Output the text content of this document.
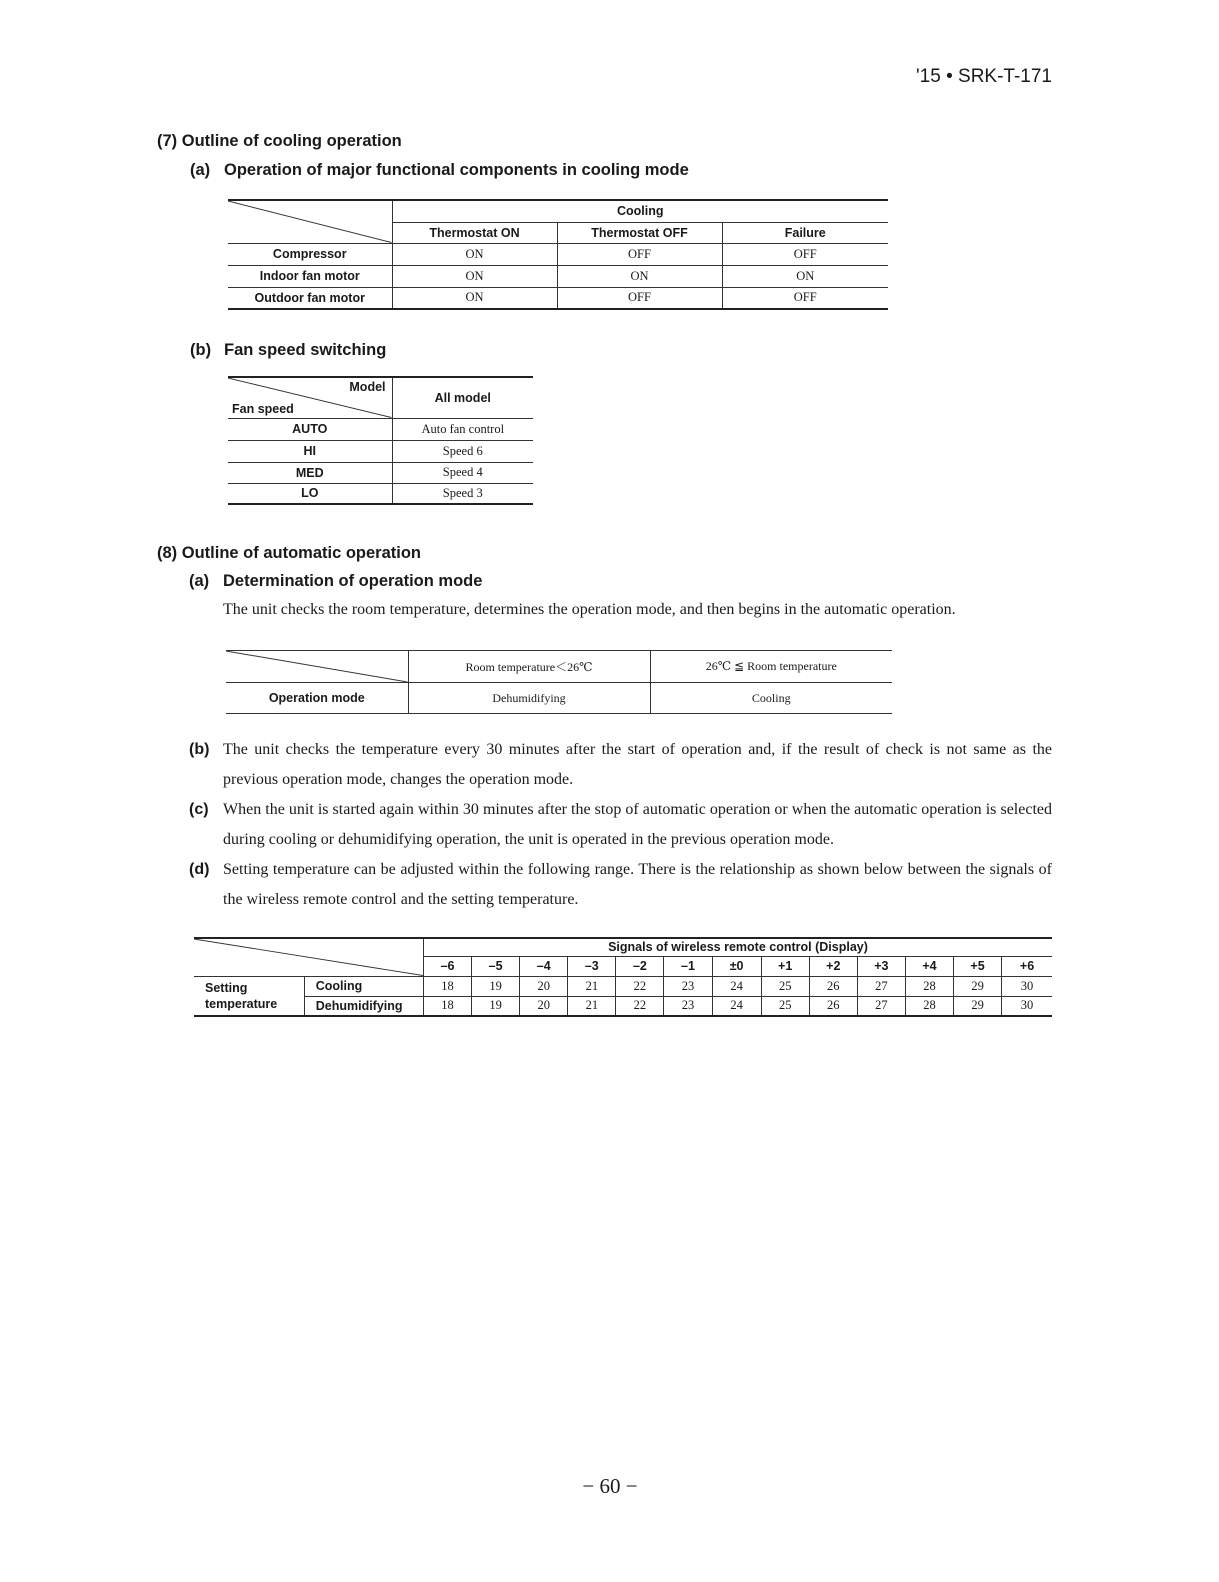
'15 • SRK-T-171
(7) Outline of cooling operation
(a) Operation of major functional components in cooling mode
	Cooling		
	Thermostat ON	Thermostat OFF	Failure
Compressor	ON	OFF	OFF
Indoor fan motor	ON	ON	ON
Outdoor fan motor	ON	OFF	OFF
(b) Fan speed switching
Model
Fan speed	All model
AUTO	Auto fan control
HI	Speed 6
MED	Speed 4
LO	Speed 3
(8) Outline of automatic operation
(a) Determination of operation mode
The unit checks the room temperature, determines the operation mode, and then begins in the automatic operation.
	Room temperature＜26℃	26℃ ≦ Room temperature
Operation mode	Dehumidifying	Cooling
(b) The unit checks the temperature every 30 minutes after the start of operation and, if the result of check is not same as the previous operation mode, changes the operation mode.
(c) When the unit is started again within 30 minutes after the stop of automatic operation or when the automatic operation is selected during cooling or dehumidifying operation, the unit is operated in the previous operation mode.
(d) Setting temperature can be adjusted within the following range. There is the relationship as shown below between the signals of the wireless remote control and the setting temperature.
	Signals of wireless remote control (Display)												
		–6	–5	–4	–3	–2	–1	±0	+1	+2	+3	+4	+5	+6
Setting temperature	Cooling	18	19	20	21	22	23	24	25	26	27	28	29	30
	Dehumidifying	18	19	20	21	22	23	24	25	26	27	28	29	30
− 60 −
